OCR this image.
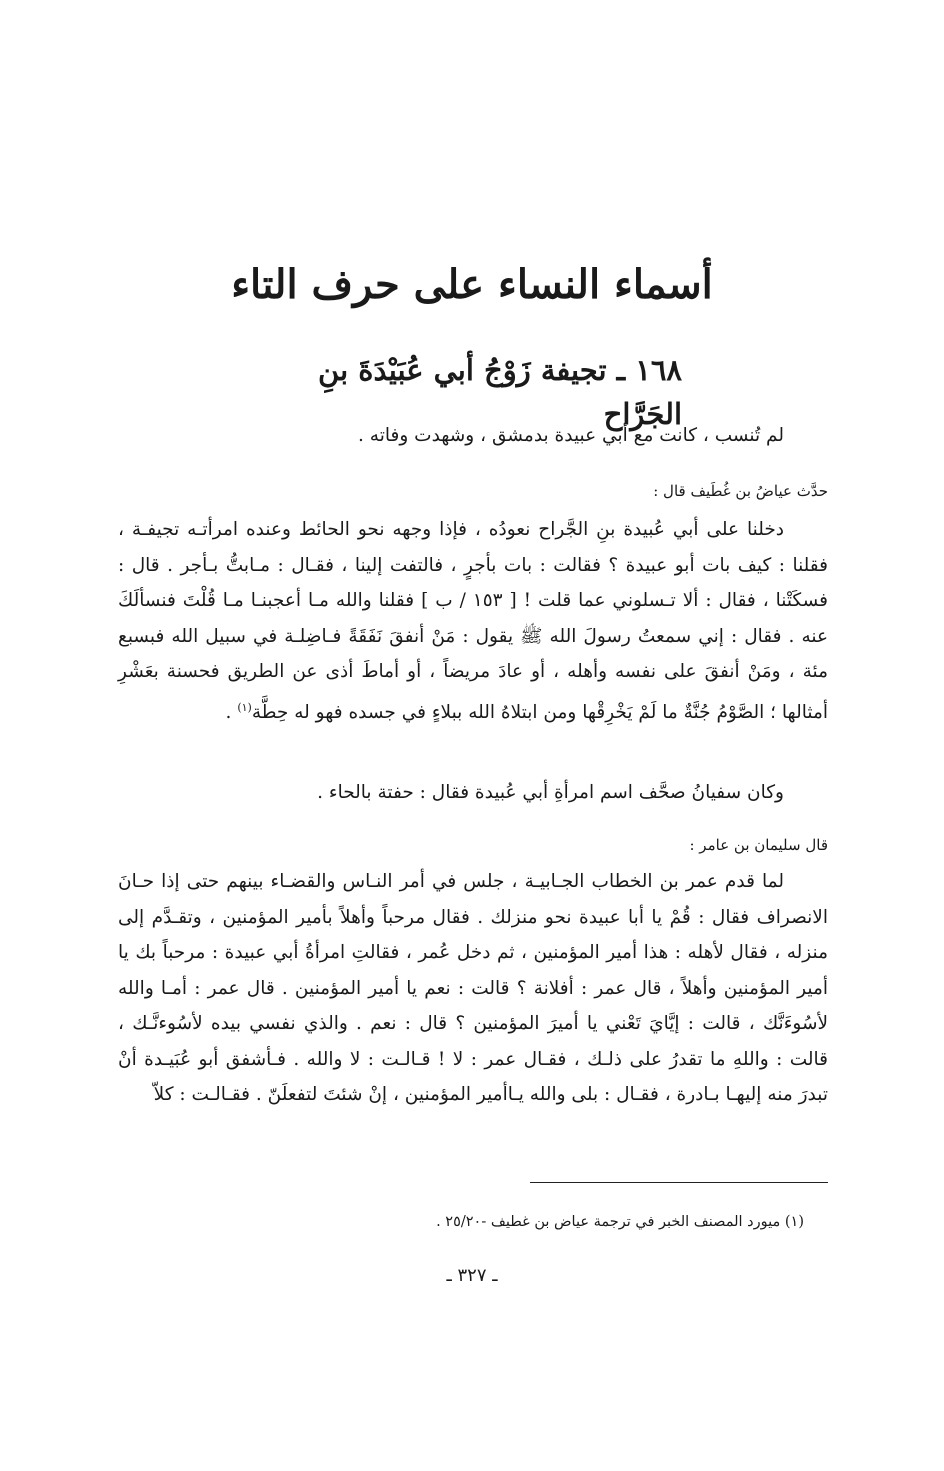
أسماء النساء على حرف التاء
١٦٨ ـ تجيفة زَوْجُ أبي عُبَيْدَةَ بنِ الجَرَّاح
لم تُنسب ، كانت مع أبي عبيدة بدمشق ، وشهدت وفاته .
حدَّث عياضُ بن غُطَيف قال :
دخلنا على أبي عُبيدة بنِ الجَّراح نعودُه ، فإذا وجهه نحو الحائط وعنده امرأتـه تجيفـة ، فقلنا : كيف بات أبو عبيدة ؟ فقالت : بات بأجرٍ ، فالتفت إلينا ، فقـال : مـابتُّ بـأجر . قال : فسكَتْنا ، فقال : ألا تـسلوني عما قلت ! [ ١٥٣ / ب ] فقلنا والله مـا أعجبنـا مـا قُلْتَ فنسألَكَ عنه . فقال : إني سمعتُ رسولَ الله ﷺ يقول : مَنْ أنفقَ نَفَقَةً فـاضِلـة في سبيل الله فبسبع مئة ، ومَنْ أنفقَ على نفسه وأهله ، أو عادَ مريضاً ، أو أماطَ أذى عن الطريق فحسنة بعَشْرِ أمثالها ؛ الصَّوْمُ جُنَّةٌ ما لَمْ يَخْرِقْها ومن ابتلاهُ الله ببلاءٍ في جسده فهو له حِطَّة$^{(١)}$ .
وكان سفيانُ صحَّف اسم امرأةِ أبي عُبيدة فقال : حفتة بالحاء .
قال سليمان بن عامر :
لما قدم عمر بن الخطاب الجـابيـة ، جلس في أمر النـاس والقضـاء بينهم حتى إذا حـانَ الانصراف فقال : قُمْ يا أبا عبيدة نحو منزلك . فقال مرحباً وأهلاً بأمير المؤمنين ، وتقـدَّم إلى منزله ، فقال لأهله : هذا أمير المؤمنين ، ثم دخل عُمر ، فقالتِ امرأةُ أبي عبيدة : مرحباً بك يا أمير المؤمنين وأهلاً ، قال عمر : أفلانة ؟ قالت : نعم يا أمير المؤمنين . قال عمر : أمـا والله لأسُوءَنَّك ، قالت : إيَّايَ تَعْني يا أميرَ المؤمنين ؟ قال : نعم . والذي نفسي بيده لأسُوءنَّـك ، قالت : واللهِ ما تقدرُ على ذلـك ، فقـال عمر : لا ! قـالـت : لا والله . فـأشفق أبو عُبَيـدة أنْ تبدرَ منه إليهـا بـادرة ، فقـال : بلى والله يـاأمير المؤمنين ، إنْ شئتَ لتفعلَنّ . فقـالـت : كلاّ
(١) ميورد المصنف الخبر في ترجمة عياض بن غطيف -٢٥/٢٠ .
ـ ٣٢٧ ـ
